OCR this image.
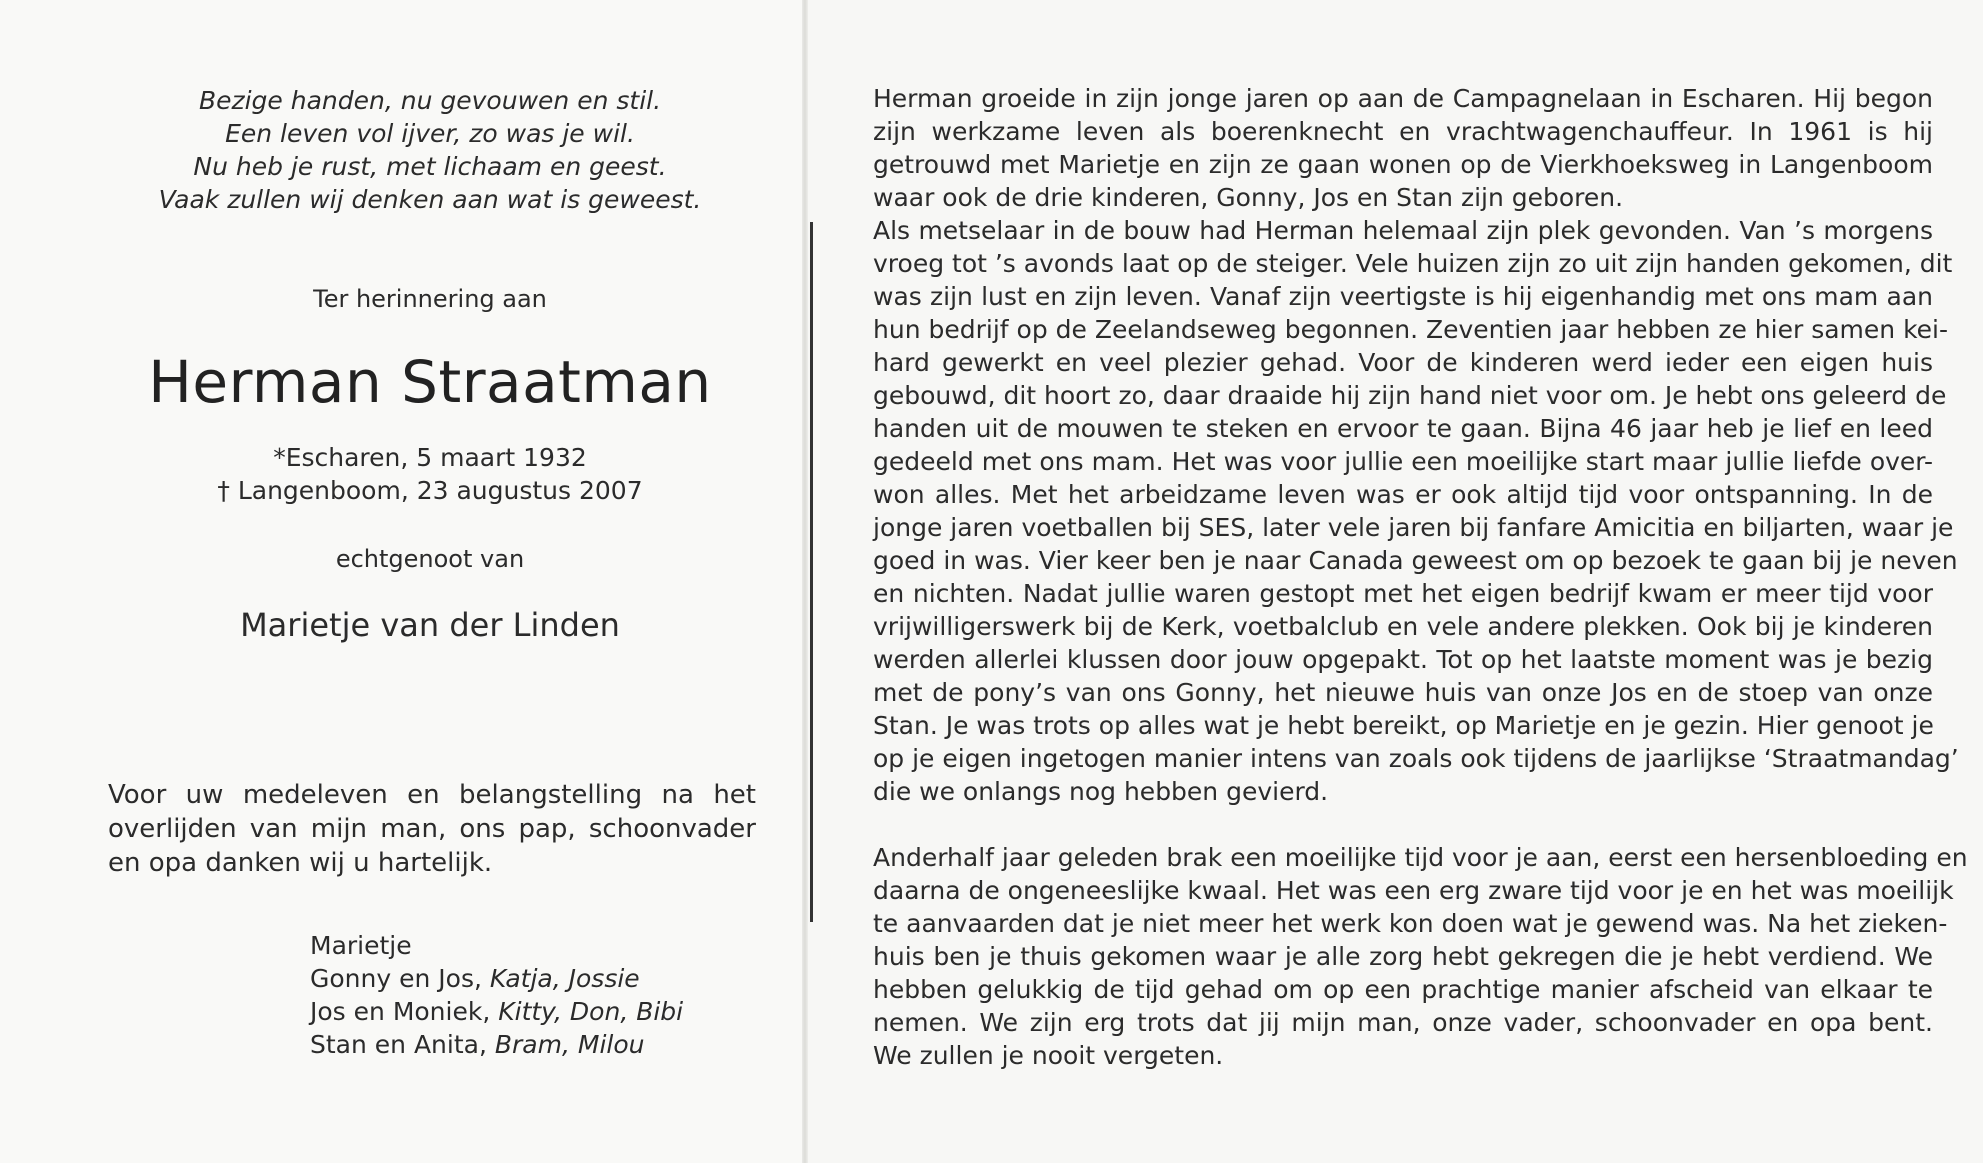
Bezige handen, nu gevouwen en stil.
Een leven vol ijver, zo was je wil.
Nu heb je rust, met lichaam en geest.
Vaak zullen wij denken aan wat is geweest.
Ter herinnering aan
Herman Straatman
*Escharen, 5 maart 1932
† Langenboom, 23 augustus 2007
echtgenoot van
Marietje van der Linden
Voor uw medeleven en belangstelling na het overlijden van mijn man, ons pap, schoonvader en opa danken wij u hartelijk.
Marietje
Gonny en Jos, Katja, Jossie
Jos en Moniek, Kitty, Don, Bibi
Stan en Anita, Bram, Milou
Herman groeide in zijn jonge jaren op aan de Campagnelaan in Escharen. Hij begon
zijn werkzame leven als boerenknecht en vrachtwagenchauffeur. In 1961 is hij
getrouwd met Marietje en zijn ze gaan wonen op de Vierkhoeksweg in Langenboom
waar ook de drie kinderen, Gonny, Jos en Stan zijn geboren.
Als metselaar in de bouw had Herman helemaal zijn plek gevonden. Van ’s morgens
vroeg tot ’s avonds laat op de steiger. Vele huizen zijn zo uit zijn handen gekomen, dit
was zijn lust en zijn leven. Vanaf zijn veertigste is hij eigenhandig met ons mam aan
hun bedrijf op de Zeelandseweg begonnen. Zeventien jaar hebben ze hier samen kei-
hard gewerkt en veel plezier gehad. Voor de kinderen werd ieder een eigen huis
gebouwd, dit hoort zo, daar draaide hij zijn hand niet voor om. Je hebt ons geleerd de
handen uit de mouwen te steken en ervoor te gaan. Bijna 46 jaar heb je lief en leed
gedeeld met ons mam. Het was voor jullie een moeilijke start maar jullie liefde over-
won alles. Met het arbeidzame leven was er ook altijd tijd voor ontspanning. In de
jonge jaren voetballen bij SES, later vele jaren bij fanfare Amicitia en biljarten, waar je
goed in was. Vier keer ben je naar Canada geweest om op bezoek te gaan bij je neven
en nichten. Nadat jullie waren gestopt met het eigen bedrijf kwam er meer tijd voor
vrijwilligerswerk bij de Kerk, voetbalclub en vele andere plekken. Ook bij je kinderen
werden allerlei klussen door jouw opgepakt. Tot op het laatste moment was je bezig
met de pony’s van ons Gonny, het nieuwe huis van onze Jos en de stoep van onze
Stan. Je was trots op alles wat je hebt bereikt, op Marietje en je gezin. Hier genoot je
op je eigen ingetogen manier intens van zoals ook tijdens de jaarlijkse ‘Straatmandag’
die we onlangs nog hebben gevierd.
Anderhalf jaar geleden brak een moeilijke tijd voor je aan, eerst een hersenbloeding en
daarna de ongeneeslijke kwaal. Het was een erg zware tijd voor je en het was moeilijk
te aanvaarden dat je niet meer het werk kon doen wat je gewend was. Na het zieken-
huis ben je thuis gekomen waar je alle zorg hebt gekregen die je hebt verdiend. We
hebben gelukkig de tijd gehad om op een prachtige manier afscheid van elkaar te
nemen. We zijn erg trots dat jij mijn man, onze vader, schoonvader en opa bent.
We zullen je nooit vergeten.
